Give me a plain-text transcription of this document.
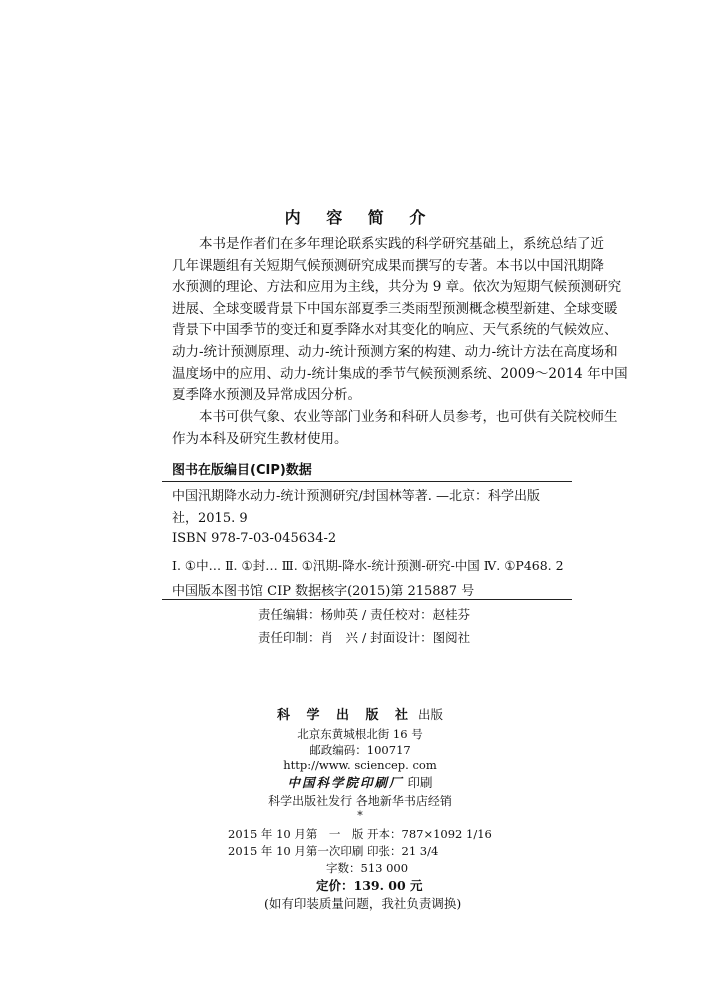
内 容 简 介
本书是作者们在多年理论联系实践的科学研究基础上，系统总结了近
几年课题组有关短期气候预测研究成果而撰写的专著。本书以中国汛期降
水预测的理论、方法和应用为主线，共分为 9 章。依次为短期气候预测研究
进展、全球变暖背景下中国东部夏季三类雨型预测概念模型新建、全球变暖
背景下中国季节的变迁和夏季降水对其变化的响应、天气系统的气候效应、
动力-统计预测原理、动力-统计预测方案的构建、动力-统计方法在高度场和
温度场中的应用、动力-统计集成的季节气候预测系统、2009～2014 年中国
夏季降水预测及异常成因分析。
本书可供气象、农业等部门业务和科研人员参考，也可供有关院校师生
作为本科及研究生教材使用。
图书在版编目(CIP)数据
中国汛期降水动力-统计预测研究/封国林等著. —北京：科学出版
社，2015. 9
ISBN 978-7-03-045634-2
Ⅰ. ①中… Ⅱ. ①封… Ⅲ. ①汛期-降水-统计预测-研究-中国 Ⅳ. ①P468. 2
中国版本图书馆 CIP 数据核字(2015)第 215887 号
责任编辑：杨帅英 / 责任校对：赵桂芬
责任印制：肖　兴 / 封面设计：图阅社
科 学 出 版 社 出版
北京东黄城根北街 16 号
邮政编码：100717
http://www. sciencep. com
中国科学院印刷厂 印刷
科学出版社发行 各地新华书店经销
*
2015 年 10 月第　一　版 开本：787×1092 1/16
2015 年 10 月第一次印刷 印张：21 3/4
字数：513 000
定价：139. 00 元
(如有印装质量问题，我社负责调换)
